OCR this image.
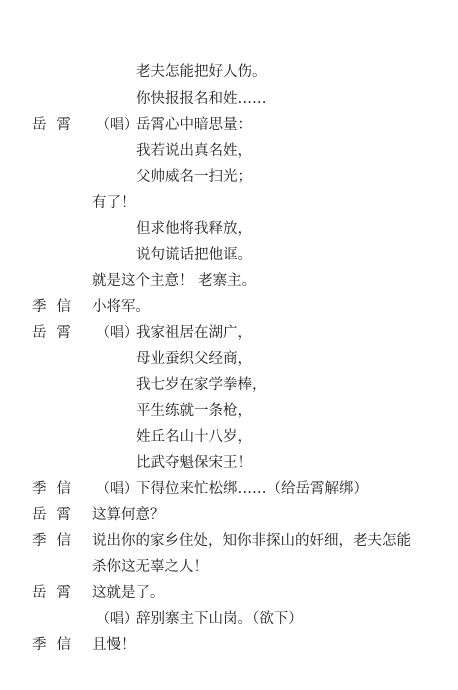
老夫怎能把好人伤。
你快报报名和姓……
岳霄 （唱）
岳霄心中暗思量：
我若说出真名姓，
父帅威名一扫光；
有了！
但求他将我释放，
说句谎话把他诓。
就是这个主意！ 老寨主。
季信 小将军。
岳霄 （唱）
我家祖居在湖广，
母业蚕织父经商，
我七岁在家学拳棒，
平生练就一条枪，
姓丘名山十八岁，
比武夺魁保宋王！
季信 （唱）
下得位来忙松绑……（给岳霄解绑）
岳霄 这算何意？
季信 说出你的家乡住处，知你非探山的奸细，老夫怎能
杀你这无辜之人！
岳霄 这就是了。
（唱）
辞别寨主下山岗。（欲下）
季信 且慢！
